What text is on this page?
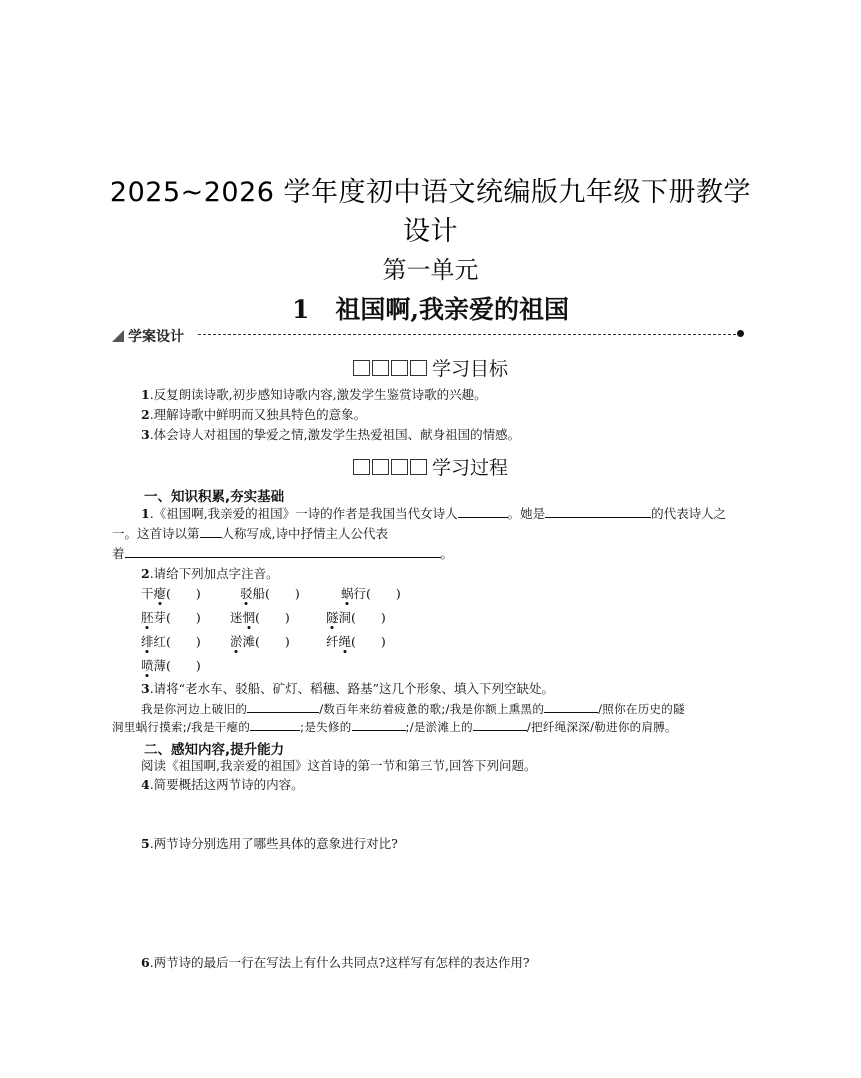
2025~2026 学年度初中语文统编版九年级下册教学
设计
第一单元
1 祖国啊,我亲爱的祖国
学案设计
学习目标
1.反复朗读诗歌,初步感知诗歌内容,激发学生鉴赏诗歌的兴趣。
2.理解诗歌中鲜明而又独具特色的意象。
3.体会诗人对祖国的挚爱之情,激发学生热爱祖国、献身祖国的情感。
学习过程
一、知识积累,夯实基础
1.《祖国啊,我亲爱的祖国》一诗的作者是我国当代女诗人	。她是	的代表诗人之
一。这首诗以第 人称写成,诗中抒情主人公代表
着	。
2.请给下列加点字注音。
干瘪(　　)	驳船(　　)	蜗行(　　)
胚芽(　　) 迷惘(　　)	隧洞(　　)
绯红(　　) 淤滩(　　)	纤绳(　　)
喷薄(　　)
3.请将“老水车、驳船、矿灯、稻穗、路基”这几个形象、填入下列空缺处。
我是你河边上破旧的	/数百年来纺着疲惫的歌;/我是你额上熏黑的	/照你在历史的隧
洞里蜗行摸索;/我是干瘪的	;是失修的	;/是淤滩上的	/把纤绳深深/勒进你的肩膊。
二、感知内容,提升能力
阅读《祖国啊,我亲爱的祖国》这首诗的第一节和第三节,回答下列问题。
4.简要概括这两节诗的内容。
5.两节诗分别选用了哪些具体的意象进行对比?
6.两节诗的最后一行在写法上有什么共同点?这样写有怎样的表达作用?
